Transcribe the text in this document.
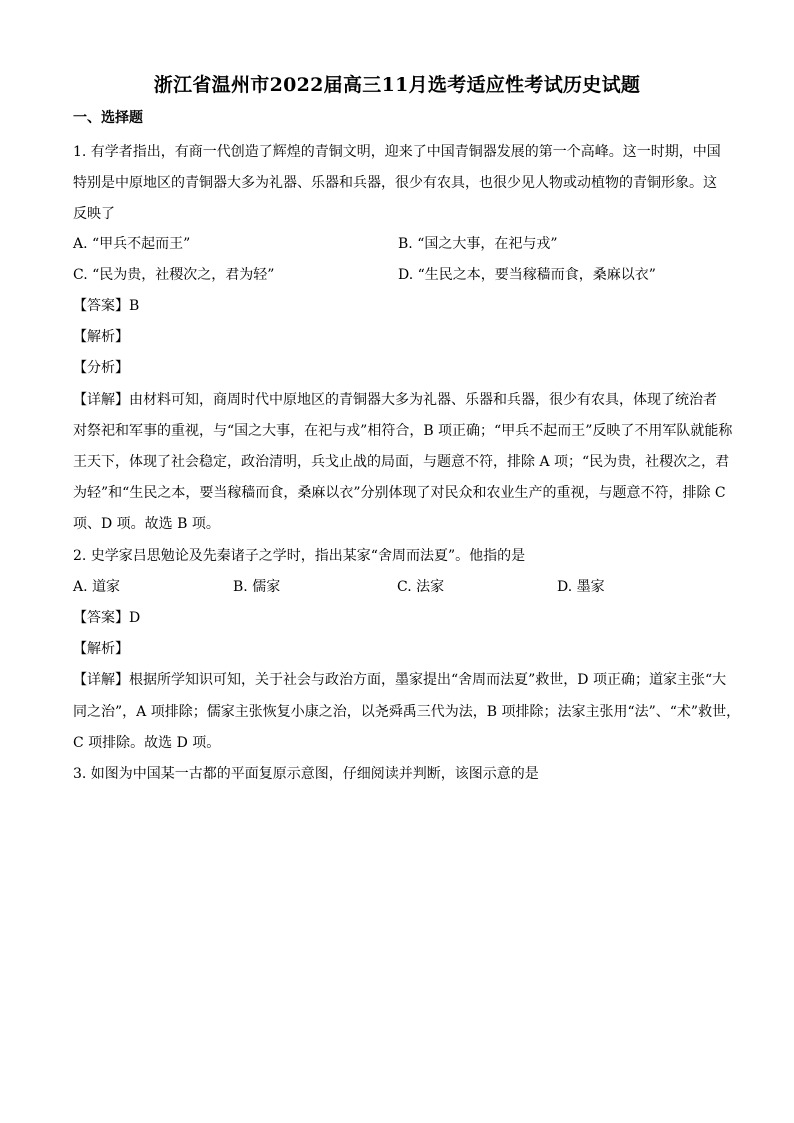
浙江省温州市2022届高三11月选考适应性考试历史试题
一、选择题
1. 有学者指出，有商一代创造了辉煌的青铜文明，迎来了中国青铜器发展的第一个高峰。这一时期，中国
特别是中原地区的青铜器大多为礼器、乐器和兵器，很少有农具，也很少见人物或动植物的青铜形象。这
反映了
A. “甲兵不起而王”	B. “国之大事，在祀与戎”
C. “民为贵，社稷次之，君为轻”	D. “生民之本，要当稼穑而食，桑麻以衣”
【答案】B
【解析】
【分析】
【详解】由材料可知，商周时代中原地区的青铜器大多为礼器、乐器和兵器，很少有农具，体现了统治者
对祭祀和军事的重视，与“国之大事，在祀与戎”相符合，B 项正确；“甲兵不起而王”反映了不用军队就能称
王天下，体现了社会稳定，政治清明，兵戈止战的局面，与题意不符，排除 A 项；“民为贵，社稷次之，君
为轻”和“生民之本，要当稼穑而食，桑麻以衣”分别体现了对民众和农业生产的重视，与题意不符，排除 C
项、D 项。故选 B 项。
2. 史学家吕思勉论及先秦诸子之学时，指出某家“舍周而法夏”。他指的是
A. 道家	B. 儒家	C. 法家	D. 墨家
【答案】D
【解析】
【详解】根据所学知识可知，关于社会与政治方面，墨家提出“舍周而法夏”救世，D 项正确；道家主张“大
同之治”，A 项排除；儒家主张恢复小康之治，以尧舜禹三代为法，B 项排除；法家主张用“法”、“术”救世，
C 项排除。故选 D 项。
3. 如图为中国某一古都的平面复原示意图，仔细阅读并判断，该图示意的是
